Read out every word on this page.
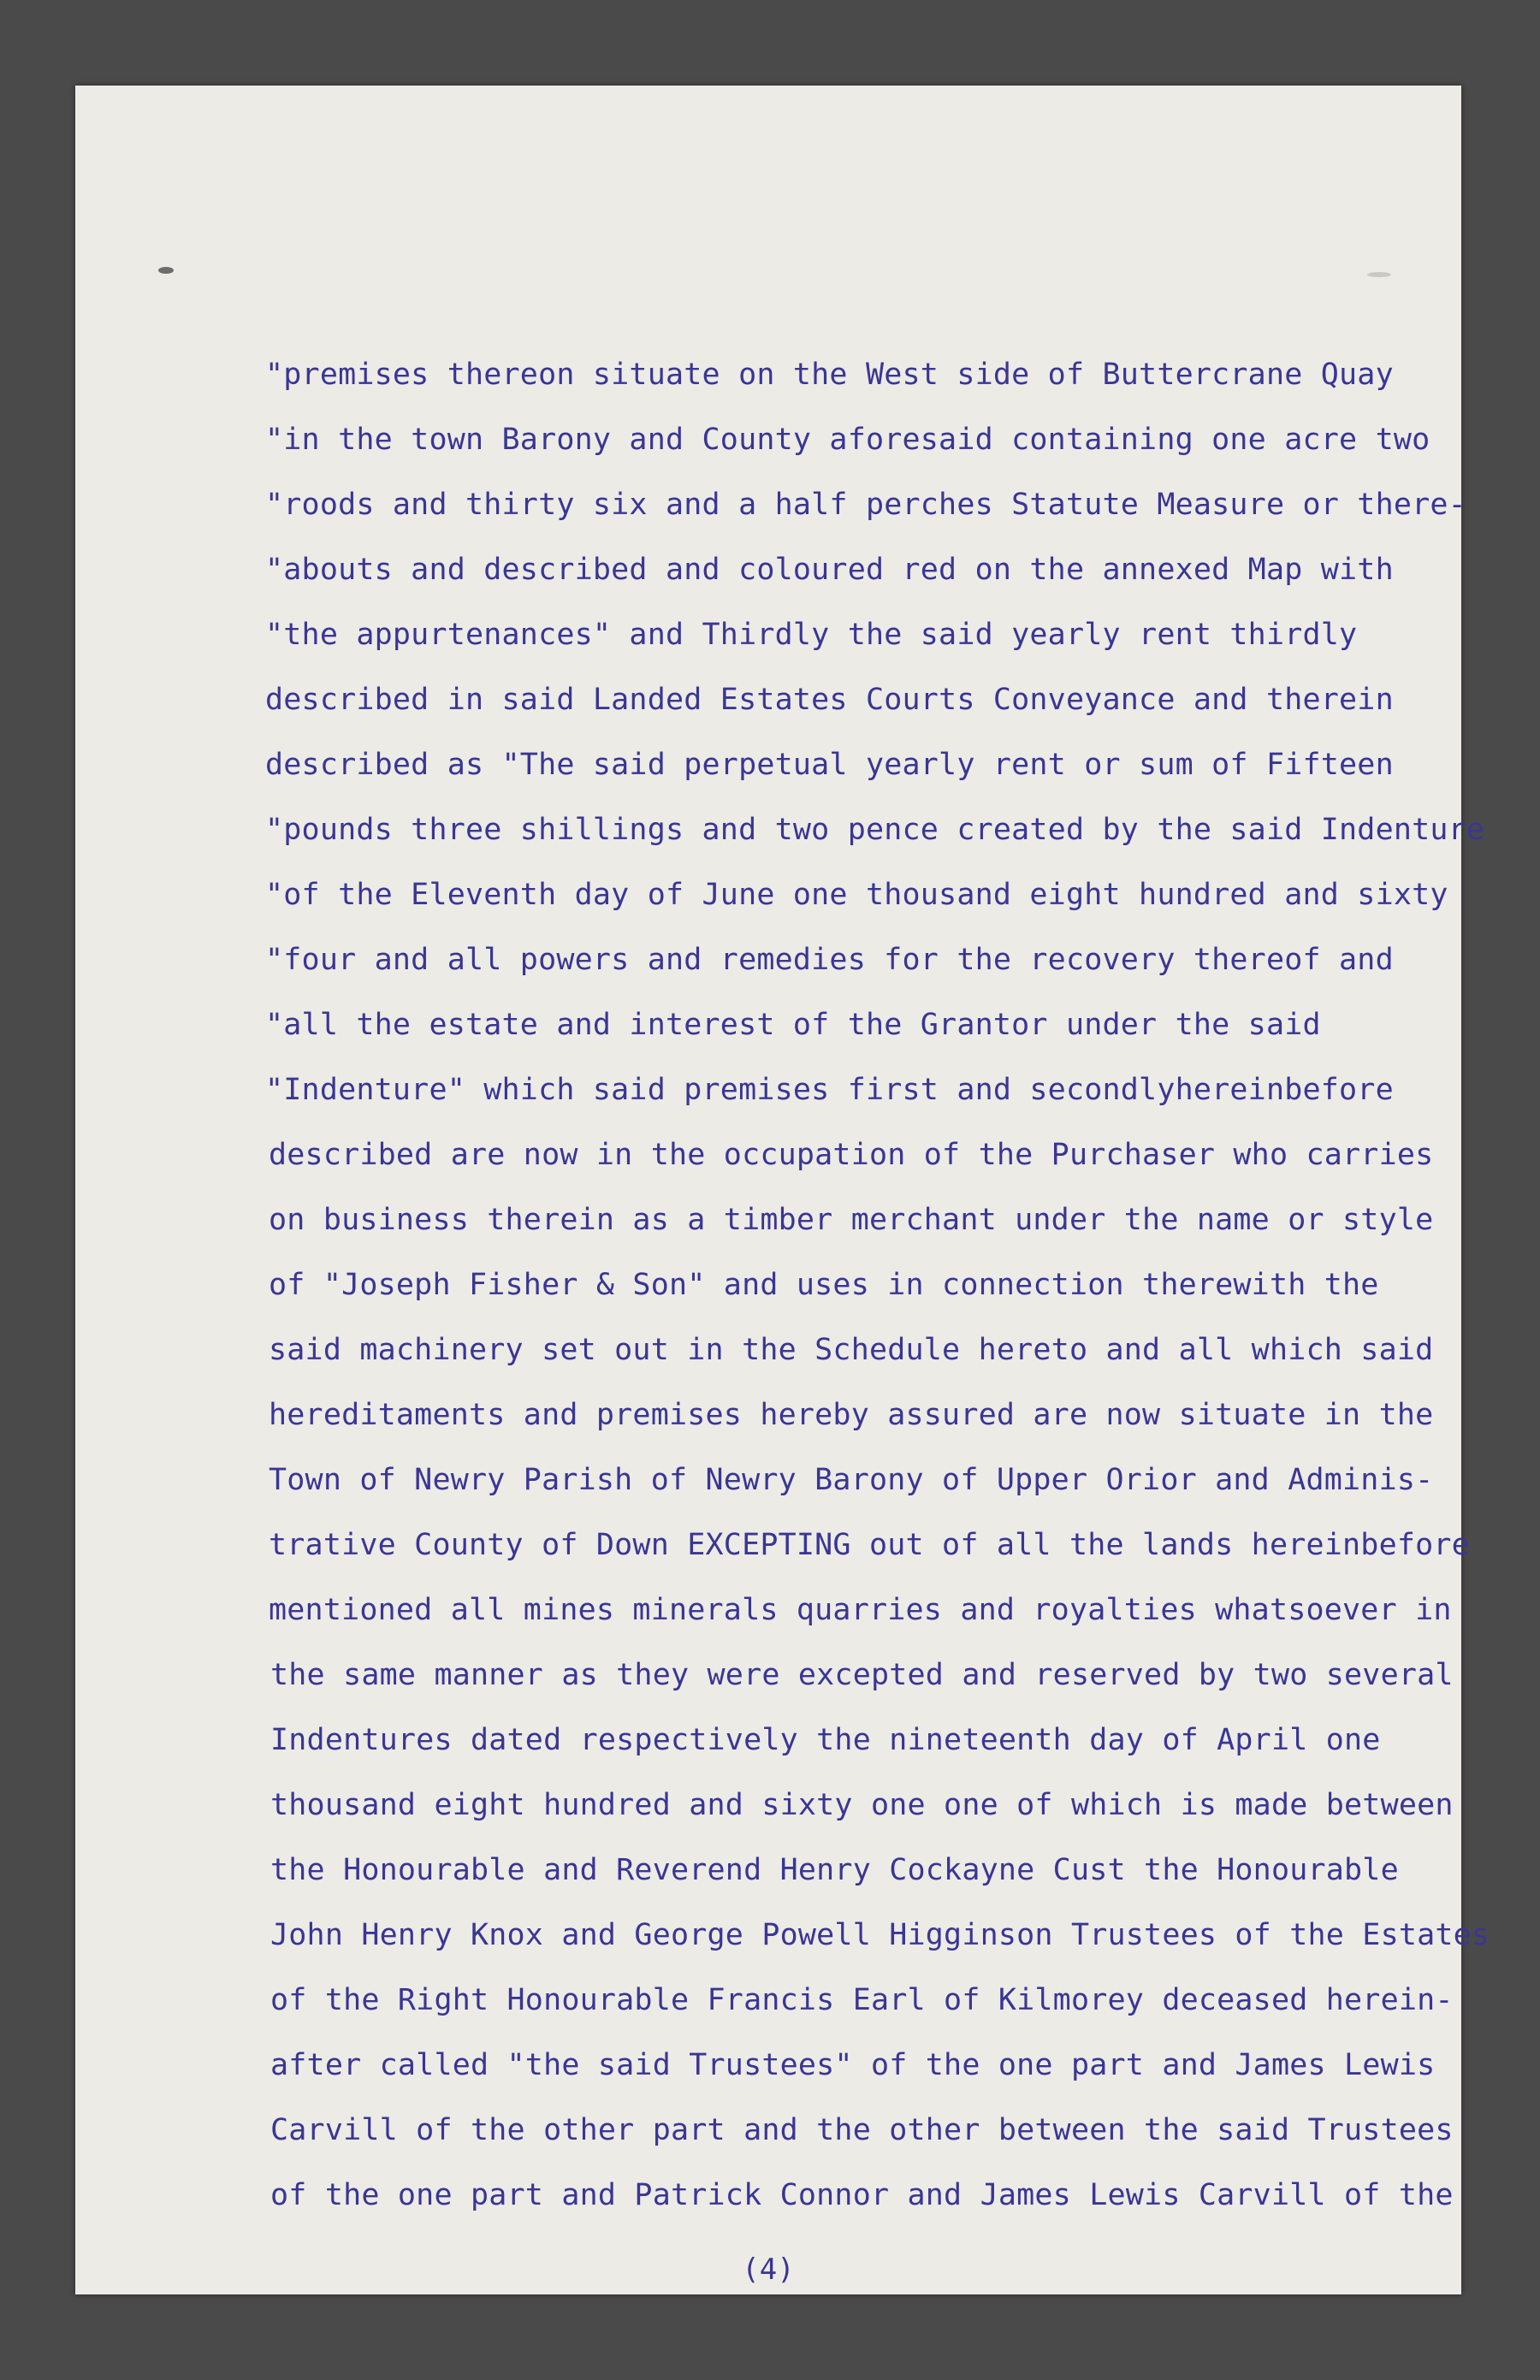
"premises thereon situate on the West side of Buttercrane Quay
"in the town Barony and County aforesaid containing one acre two
"roods and thirty six and a half perches Statute Measure or there-
"abouts and described and coloured red on the annexed Map with
"the appurtenances" and Thirdly the said yearly rent thirdly
described in said Landed Estates Courts Conveyance and therein
described as "The said perpetual yearly rent or sum of Fifteen
"pounds three shillings and two pence created by the said Indenture
"of the Eleventh day of June one thousand eight hundred and sixty
"four and all powers and remedies for the recovery thereof and
"all the estate and interest of the Grantor under the said
"Indenture" which said premises first and secondlyhereinbefore
described are now in the occupation of the Purchaser who carries
on business therein as a timber merchant under the name or style
of "Joseph Fisher & Son" and uses in connection therewith the
said machinery set out in the Schedule hereto and all which said
hereditaments and premises hereby assured are now situate in the
Town of Newry Parish of Newry Barony of Upper Orior and Adminis-
trative County of Down EXCEPTING out of all the lands hereinbefore
mentioned all mines minerals quarries and royalties whatsoever in
the same manner as they were excepted and reserved by two several
Indentures dated respectively the nineteenth day of April one
thousand eight hundred and sixty one one of which is made between
the Honourable and Reverend Henry Cockayne Cust the Honourable
John Henry Knox and George Powell Higginson Trustees of the Estates
of the Right Honourable Francis Earl of Kilmorey deceased herein-
after called "the said Trustees" of the one part and James Lewis
Carvill of the other part and the other between the said Trustees
of the one part and Patrick Connor and James Lewis Carvill of the
(4)
